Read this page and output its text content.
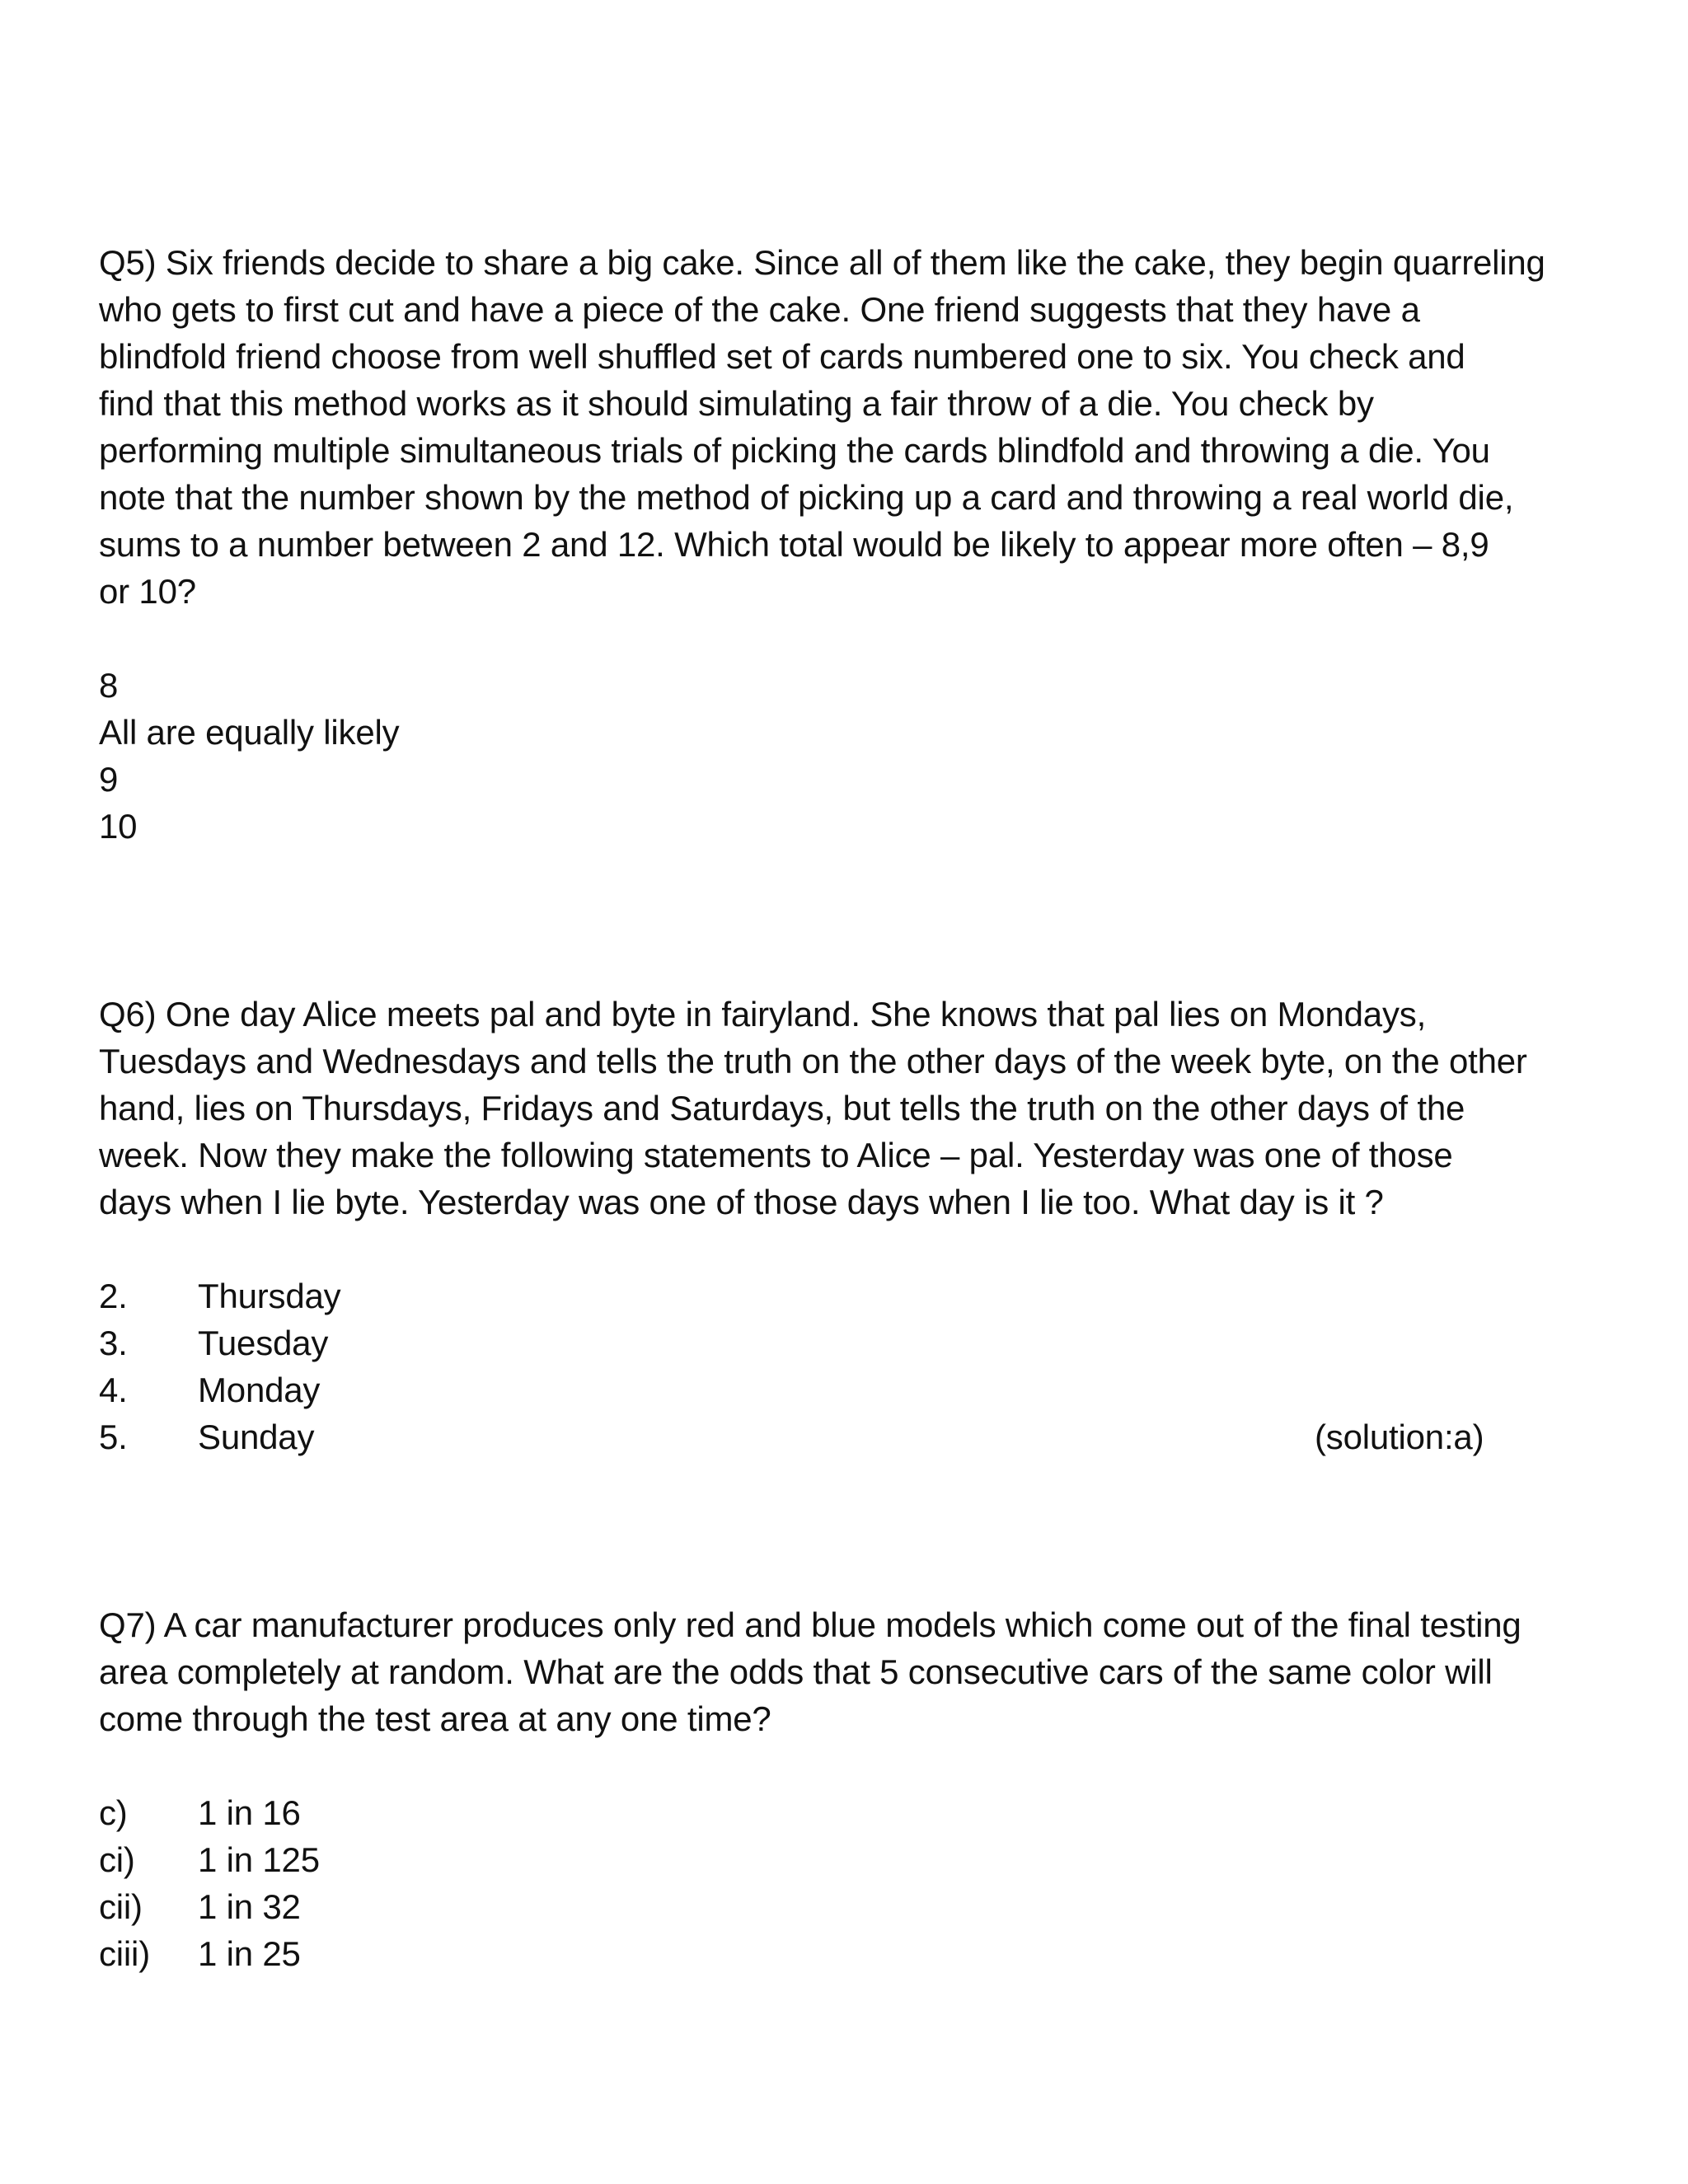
Q5) Six friends decide to share a big cake. Since all of them like the cake, they begin quarreling
who gets to first cut and have a piece of the cake. One friend suggests that they have a
blindfold friend choose from well shuffled set of cards numbered one to six. You check and
find that this method works as it should simulating a fair throw of a die. You check by
performing multiple simultaneous trials of picking the cards blindfold and throwing a die. You
note that the number shown by the method of picking up a card and throwing a real world die,
sums to a number between 2 and 12. Which total would be likely to appear more often – 8,9
or 10?
8
All are equally likely
9
10
Q6) One day Alice meets pal and byte in fairyland. She knows that pal lies on Mondays,
Tuesdays and Wednesdays and tells the truth on the other days of the week byte, on the other
hand, lies on Thursdays, Fridays and Saturdays, but tells the truth on the other days of the
week. Now they make the following statements to Alice – pal. Yesterday was one of those
days when I lie byte. Yesterday was one of those days when I lie too. What day is it ?
2. Thursday
3. Tuesday
4. Monday
5. Sunday	(solution:a)
Q7) A car manufacturer produces only red and blue models which come out of the final testing
area completely at random. What are the odds that 5 consecutive cars of the same color will
come through the test area at any one time?
c) 1 in 16
ci) 1 in 125
cii) 1 in 32
ciii) 1 in 25
